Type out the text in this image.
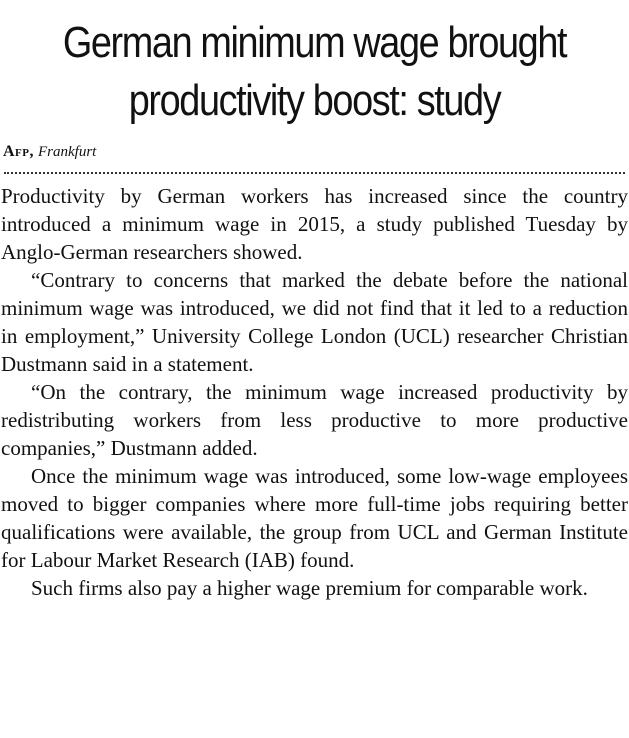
German minimum wage brought
productivity boost: study
Afp, Frankfurt

Productivity by German workers has increased since the country introduced a minimum wage in 2015, a study published Tuesday by Anglo-German researchers showed.

“Contrary to concerns that marked the debate before the national minimum wage was introduced, we did not find that it led to a reduction in employment,” University College London (UCL) researcher Christian Dustmann said in a statement.

“On the contrary, the minimum wage increased productivity by redistributing workers from less productive to more productive companies,” Dustmann added.

Once the minimum wage was introduced, some low-wage employees moved to bigger companies where more full-time jobs requiring better qualifications were available, the group from UCL and German Institute for Labour Market Research (IAB) found.

Such firms also pay a higher wage premium for comparable work.
